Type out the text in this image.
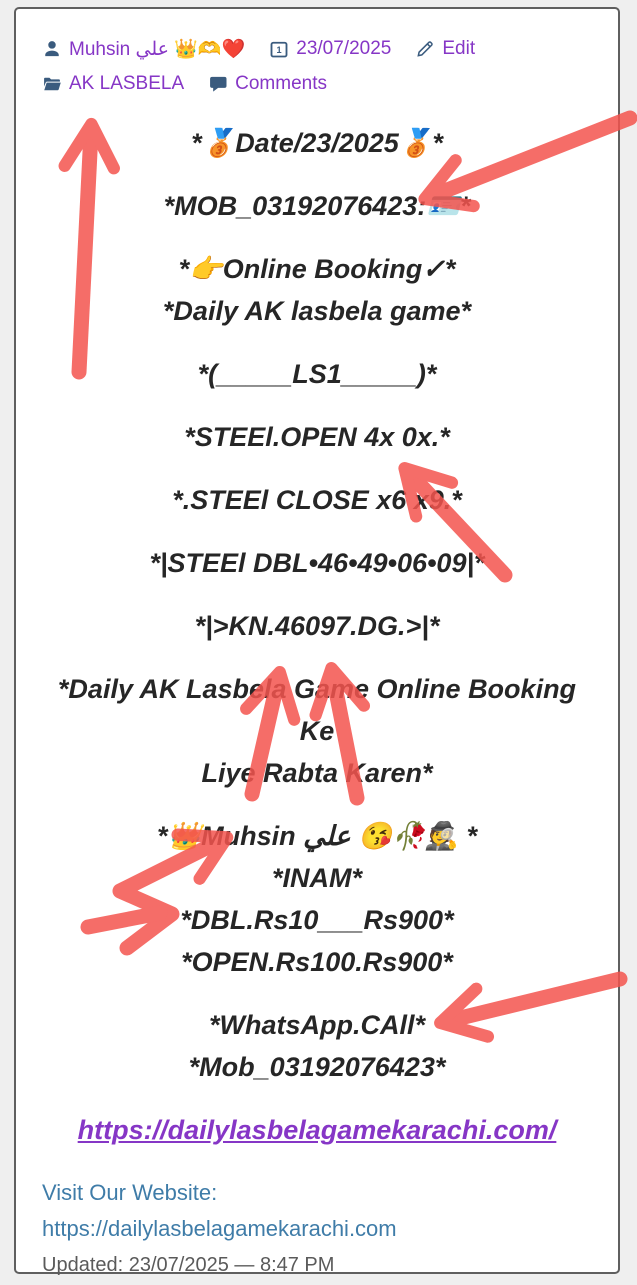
Muhsin علي 👑🫶❤️	1 23/07/2025	Edit
AK LASBELA	Comments
*🥉Date/23/2025🥉*
*MOB_03192076423:🪪*
*👉Online Booking✓*
*Daily AK lasbela game*
*(_____LS1_____)*
*STEEl.OPEN 4x 0x.*
*.STEEl CLOSE x6 x9.*
*|STEEl DBL•46•49•06•09|*
*|>KN.46097.DG.>|*
*Daily AK Lasbela Game Online Booking Ke
Liye Rabta Karen*
*👑Muhsin علي 😘🥀🕵️ *
*INAM*
*DBL.Rs10___Rs900*
*OPEN.Rs100.Rs900*
*WhatsApp.CAll*
*Mob_03192076423*
https://dailylasbelagamekarachi.com/
Visit Our Website:
https://dailylasbelagamekarachi.com
Updated: 23/07/2025 — 8:47 PM
